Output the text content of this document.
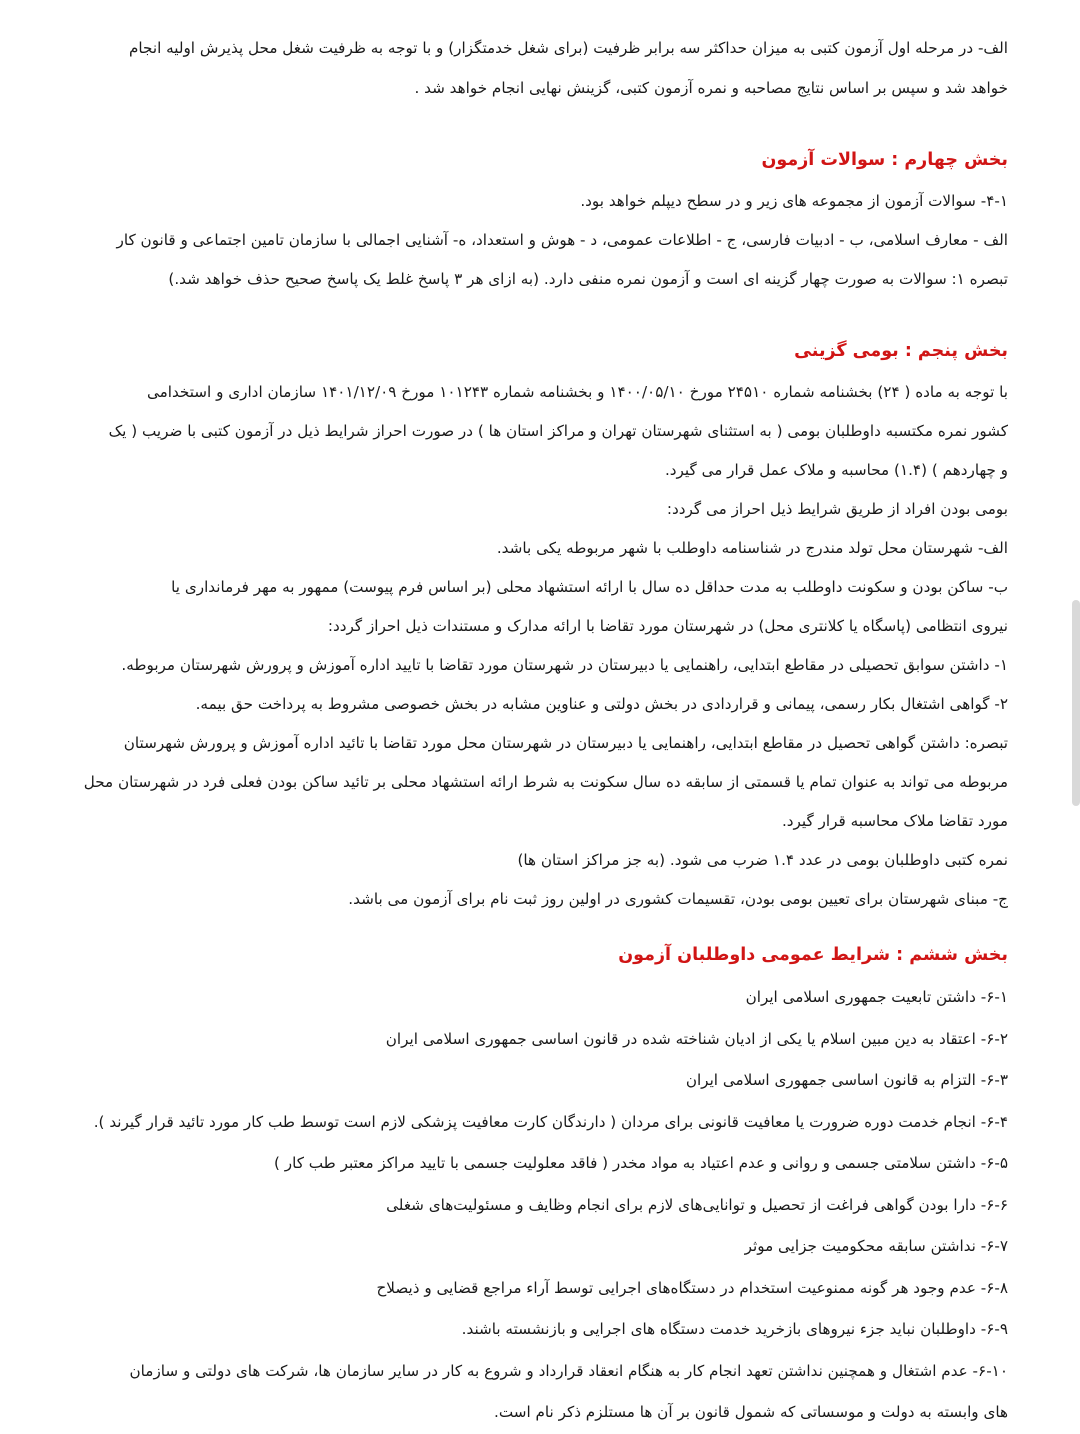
الف- در مرحله اول آزمون کتبی به میزان حداکثر سه برابر ظرفیت (برای شغل خدمتگزار) و با توجه به ظرفیت شغل محل پذیرش اولیه انجام

خواهد شد و سپس بر اساس نتایج مصاحبه و نمره آزمون کتبی، گزینش نهایی انجام خواهد شد .

بخش چهارم : سوالات آزمون

۴-۱- سوالات آزمون از مجموعه های زیر و در سطح دیپلم خواهد بود.

الف - معارف اسلامی، ب - ادبیات فارسی، ج - اطلاعات عمومی، د - هوش و استعداد، ه- آشنایی اجمالی با سازمان تامین اجتماعی و قانون کار

تبصره ۱: سوالات به صورت چهار گزینه ای است و آزمون نمره منفی دارد. (به ازای هر ۳ پاسخ غلط یک پاسخ صحیح حذف خواهد شد.)

بخش پنجم : بومی گزینی

با توجه به ماده ( ۲۴) بخشنامه شماره ۲۴۵۱۰ مورخ ۱۴۰۰/۰۵/۱۰ و بخشنامه شماره ۱۰۱۲۴۳ مورخ ۱۴۰۱/۱۲/۰۹ سازمان اداری و استخدامی

کشور نمره مکتسبه داوطلبان بومی ( به استثنای شهرستان تهران و مراکز استان ها ) در صورت احراز شرایط ذیل در آزمون کتبی با ضریب ( یک

و چهاردهم ) (۱.۴) محاسبه و ملاک عمل قرار می گیرد.

بومی بودن افراد از طریق شرایط ذیل احراز می گردد:

الف- شهرستان محل تولد مندرج در شناسنامه داوطلب با شهر مربوطه یکی باشد.

ب- ساکن بودن و سکونت داوطلب به مدت حداقل ده سال با ارائه استشهاد محلی (بر اساس فرم پیوست) ممهور به مهر فرمانداری یا

نیروی انتظامی (پاسگاه یا کلانتری محل) در شهرستان مورد تقاضا با ارائه مدارک و مستندات ذیل احراز گردد:

۱- داشتن سوابق تحصیلی در مقاطع ابتدایی، راهنمایی یا دبیرستان در شهرستان مورد تقاضا با تایید اداره آموزش و پرورش شهرستان مربوطه.

۲- گواهی اشتغال بکار رسمی، پیمانی و قراردادی در بخش دولتی و عناوین مشابه در بخش خصوصی مشروط به پرداخت حق بیمه.

تبصره: داشتن گواهی تحصیل در مقاطع ابتدایی، راهنمایی یا دبیرستان در شهرستان محل مورد تقاضا با تائید اداره آموزش و پرورش شهرستان

مربوطه می تواند به عنوان تمام یا قسمتی از سابقه ده سال سکونت به شرط ارائه استشهاد محلی بر تائید ساکن بودن فعلی فرد در شهرستان محل

مورد تقاضا ملاک محاسبه قرار گیرد.

نمره کتبی داوطلبان بومی در عدد ۱.۴ ضرب می شود. (به جز مراکز استان ها)

ج- مبنای شهرستان برای تعیین بومی بودن، تقسیمات کشوری در اولین روز ثبت نام برای آزمون می باشد.

بخش ششم : شرایط عمومی داوطلبان آزمون

۶-۱- داشتن تابعیت جمهوری اسلامی ایران

۶-۲- اعتقاد به دین مبین اسلام یا یکی از ادیان شناخته شده در قانون اساسی جمهوری اسلامی ایران

۶-۳- التزام به قانون اساسی جمهوری اسلامی ایران

۶-۴- انجام خدمت دوره ضرورت یا معافیت قانونی برای مردان ( دارندگان کارت معافیت پزشکی لازم است توسط طب کار مورد تائید قرار گیرند ).

۶-۵- داشتن سلامتی جسمی و روانی و عدم اعتیاد به مواد مخدر ( فاقد معلولیت جسمی با تایید مراکز معتبر طب کار )

۶-۶- دارا بودن گواهی فراغت از تحصیل و توانایی‌های لازم برای انجام وظایف و مسئولیت‌های شغلی

۶-۷- نداشتن سابقه محکومیت جزایی موثر

۶-۸- عدم وجود هر گونه ممنوعیت استخدام در دستگاه‌های اجرایی توسط آراء مراجع قضایی و ذیصلاح

۶-۹- داوطلبان نباید جزء نیروهای بازخرید خدمت دستگاه های اجرایی و بازنشسته باشند.

۶-۱۰- عدم اشتغال و همچنین نداشتن تعهد انجام کار به هنگام انعقاد قرارداد و شروع به کار در سایر سازمان ها، شرکت های دولتی و سازمان

های وابسته به دولت و موسساتی که شمول قانون بر آن ها مستلزم ذکر نام است.
